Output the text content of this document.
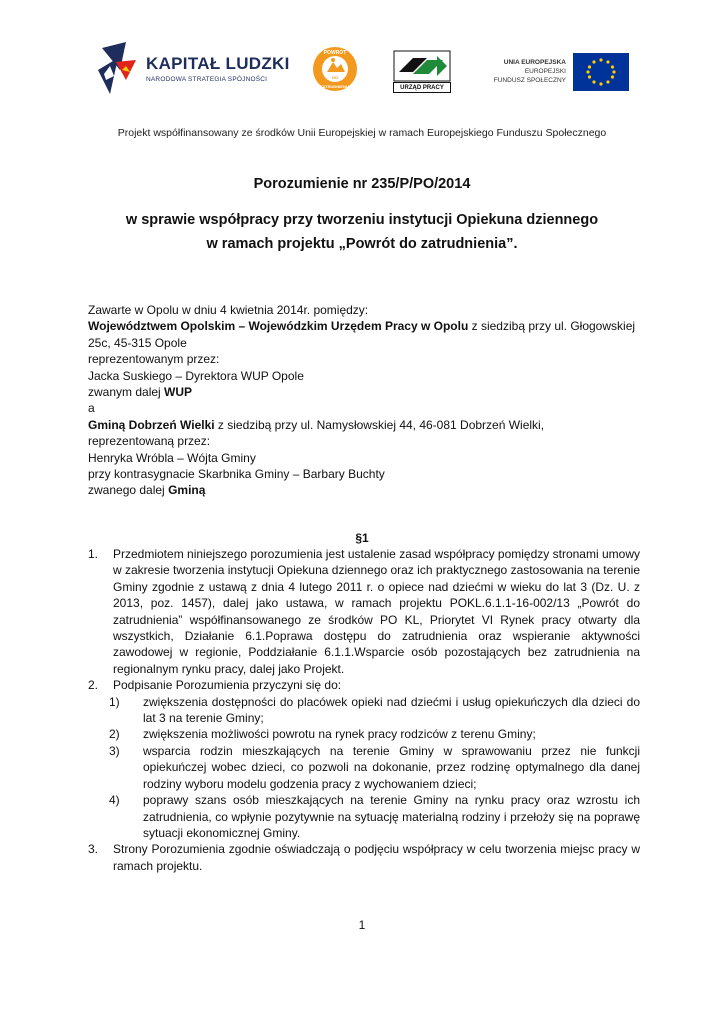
KAPITAŁ LUDZKI
NARODOWA STRATEGIA SPÓJNOŚCI
POWRÓT
DO
ZATRUDNIENIA	URZĄD PRACY
UNIA EUROPEJSKA
EUROPEJSKI
FUNDUSZ SPOŁECZNY
Projekt współfinansowany ze środków Unii Europejskiej w ramach Europejskiego Funduszu Społecznego
Porozumienie nr 235/P/PO/2014
w sprawie współpracy przy tworzeniu instytucji Opiekuna dziennego
w ramach projektu „Powrót do zatrudnienia”.
Zawarte w Opolu w dniu 4 kwietnia 2014r. pomiędzy:
Województwem Opolskim – Wojewódzkim Urzędem Pracy w Opolu z siedzibą przy ul. Głogowskiej
25c, 45-315 Opole
reprezentowanym przez:
Jacka Suskiego – Dyrektora WUP Opole
zwanym dalej WUP
a
Gminą Dobrzeń Wielki z siedzibą przy ul. Namysłowskiej 44, 46-081 Dobrzeń Wielki,
reprezentowaną przez:
Henryka Wróbla – Wójta Gminy
przy kontrasygnacie Skarbnika Gminy – Barbary Buchty
zwanego dalej Gminą
§1
1. Przedmiotem niniejszego porozumienia jest ustalenie zasad współpracy pomiędzy stronami umowy w zakresie tworzenia instytucji Opiekuna dziennego oraz ich praktycznego zastosowania na terenie Gminy zgodnie z ustawą z dnia 4 lutego 2011 r. o opiece nad dziećmi w wieku do lat 3 (Dz. U. z 2013, poz. 1457), dalej jako ustawa, w ramach projektu POKL.6.1.1-16-002/13 „Powrót do zatrudnienia” współfinansowanego ze środków PO KL, Priorytet VI Rynek pracy otwarty dla wszystkich, Działanie 6.1.Poprawa dostępu do zatrudnienia oraz wspieranie aktywności zawodowej w regionie, Poddziałanie 6.1.1.Wsparcie osób pozostających bez zatrudnienia na regionalnym rynku pracy, dalej jako Projekt.
2. Podpisanie Porozumienia przyczyni się do:
1) zwiększenia dostępności do placówek opieki nad dziećmi i usług opiekuńczych dla dzieci do lat 3 na terenie Gminy;
2) zwiększenia możliwości powrotu na rynek pracy rodziców z terenu Gminy;
3) wsparcia rodzin mieszkających na terenie Gminy w sprawowaniu przez nie funkcji opiekuńczej wobec dzieci, co pozwoli na dokonanie, przez rodzinę optymalnego dla danej rodziny wyboru modelu godzenia pracy z wychowaniem dzieci;
4) poprawy szans osób mieszkających na terenie Gminy na rynku pracy oraz wzrostu ich zatrudnienia, co wpłynie pozytywnie na sytuację materialną rodziny i przełoży się na poprawę sytuacji ekonomicznej Gminy.
3. Strony Porozumienia zgodnie oświadczają o podjęciu współpracy w celu tworzenia miejsc pracy w ramach projektu.
1
